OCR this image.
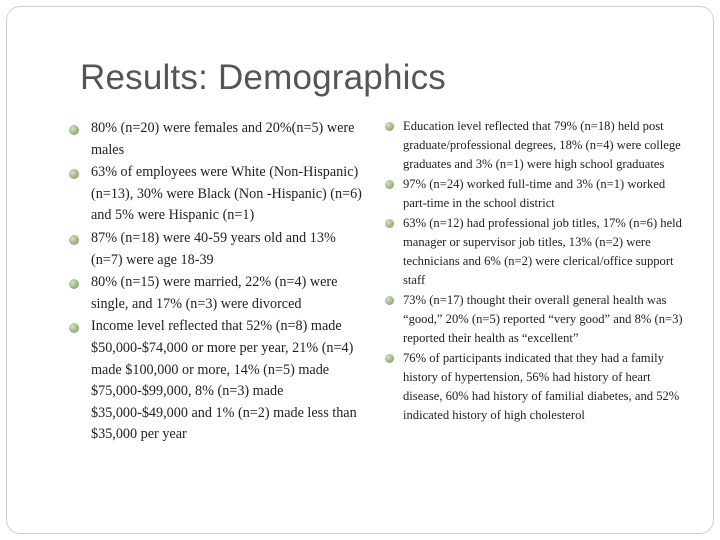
Results: Demographics
80% (n=20) were females and 20%(n=5) were males
63% of employees were White (Non-Hispanic) (n=13), 30% were Black (Non -Hispanic) (n=6) and 5% were Hispanic (n=1)
87% (n=18) were 40-59 years old and 13% (n=7) were age 18-39
80% (n=15) were married, 22% (n=4) were single, and 17% (n=3) were divorced
Income level reflected that 52% (n=8) made $50,000-$74,000 or more per year, 21% (n=4) made $100,000 or more, 14% (n=5) made $75,000-$99,000, 8% (n=3) made $35,000-$49,000 and 1% (n=2) made less than $35,000 per year
Education level reflected that 79% (n=18) held post graduate/professional degrees, 18% (n=4) were college graduates and 3% (n=1) were high school graduates
97% (n=24) worked full-time and 3% (n=1) worked part-time in the school district
63% (n=12) had professional job titles, 17% (n=6) held manager or supervisor job titles, 13% (n=2) were technicians and 6% (n=2) were clerical/office support staff
73% (n=17) thought their overall general health was “good,” 20% (n=5) reported “very good” and 8% (n=3) reported their health as “excellent”
76% of participants indicated that they had a family history of hypertension, 56% had history of heart disease, 60% had history of familial diabetes, and 52% indicated history of high cholesterol
